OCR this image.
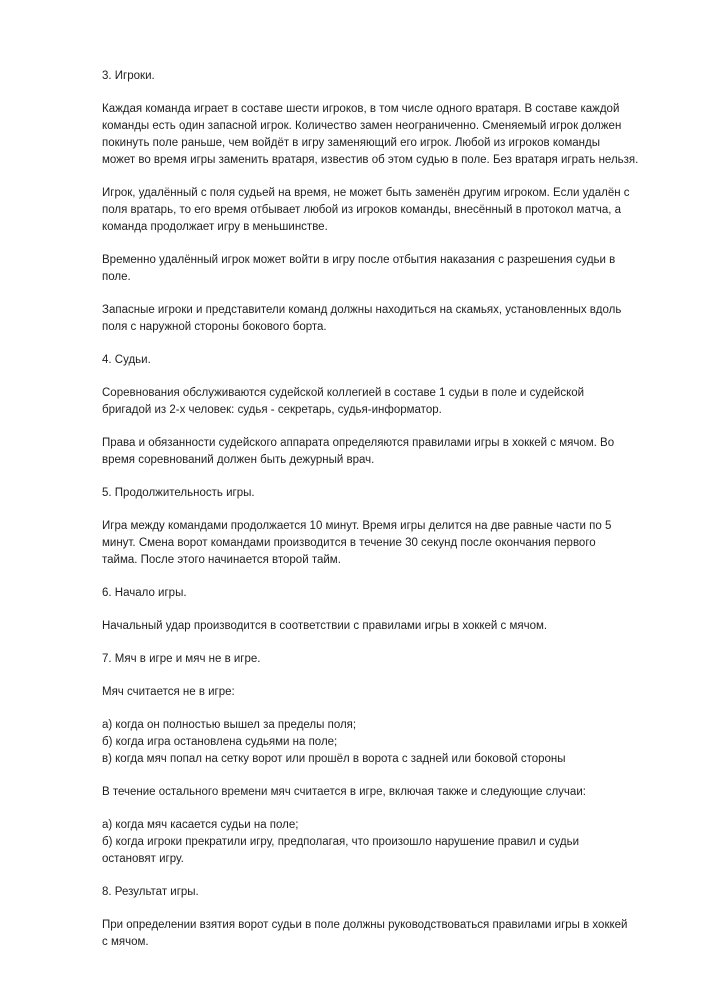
3. Игроки.

Каждая команда играет в составе шести игроков, в том числе одного вратаря. В составе каждой
команды есть один запасной игрок. Количество замен неограниченно. Сменяемый игрок должен
покинуть поле раньше, чем войдёт в игру заменяющий его игрок. Любой из игроков команды
может во время игры заменить вратаря, известив об этом судью в поле. Без вратаря играть нельзя.

Игрок, удалённый с поля судьей на время, не может быть заменён другим игроком. Если удалён с
поля вратарь, то его время отбывает любой из игроков команды, внесённый в протокол матча, а
команда продолжает игру в меньшинстве.

Временно удалённый игрок может войти в игру после отбытия наказания с разрешения судьи в
поле.

Запасные игроки и представители команд должны находиться на скамьях, установленных вдоль
поля с наружной стороны бокового борта.

4. Судьи.

Соревнования обслуживаются судейской коллегией в составе 1 судьи в поле и судейской
бригадой из 2-х человек: судья - секретарь, судья-информатор.

Права и обязанности судейского аппарата определяются правилами игры в хоккей с мячом. Во
время соревнований должен быть дежурный врач.

5. Продолжительность игры.

Игра между командами продолжается 10 минут. Время игры делится на две равные части по 5
минут. Смена ворот командами производится в течение 30 секунд после окончания первого
тайма. После этого начинается второй тайм.

6. Начало игры.

Начальный удар производится в соответствии с правилами игры в хоккей с мячом.

7. Мяч в игре и мяч не в игре.

Мяч считается не в игре:

а) когда он полностью вышел за пределы поля;
б) когда игра остановлена судьями на поле;
в) когда мяч попал на сетку ворот или прошёл в ворота с задней или боковой стороны

В течение остального времени мяч считается в игре, включая также и следующие случаи:

а) когда мяч касается судьи на поле;
б) когда игроки прекратили игру, предполагая, что произошло нарушение правил и судьи
остановят игру.

8. Результат игры.

При определении взятия ворот судьи в поле должны руководствоваться правилами игры в хоккей
с мячом.
